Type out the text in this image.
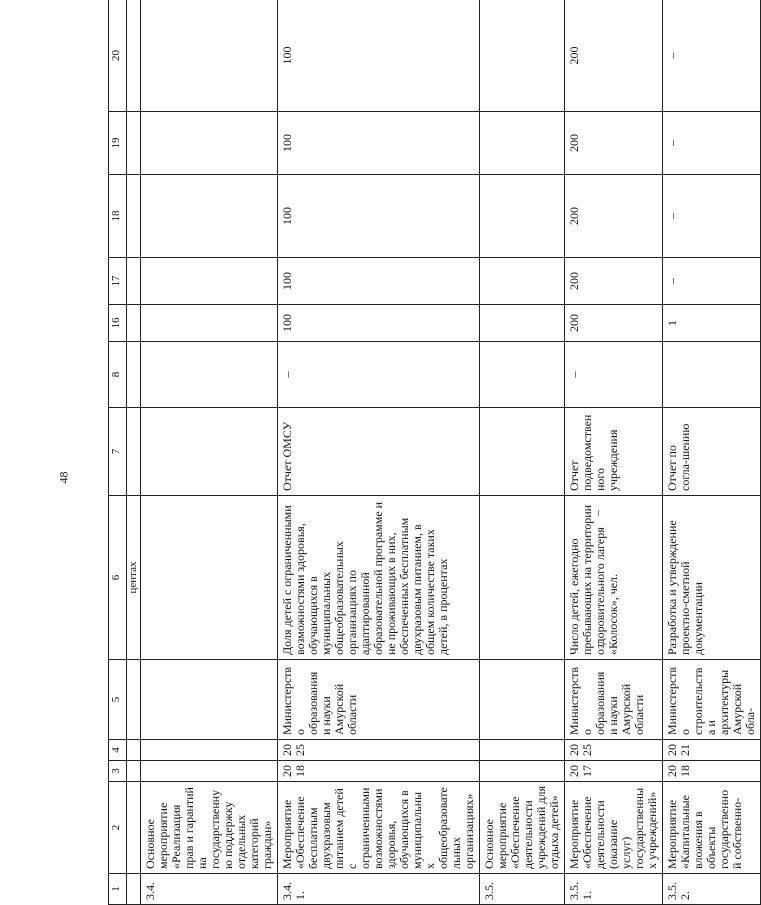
48
1	2	3	4	5	6	7	8	16	17	18	19	20
					центах							
3.4.	Основное мероприятие «Реализация прав и гарантий на государственную поддержку отдельных категорий граждан»											
3.4.1.	Мероприятие «Обеспечение бесплатным двухразовым питанием детей с ограниченными возможностями здоровья, обучающихся в муниципальных общеобразовательных организациях»	2018	2025	Министерство образования и науки Амурской области	Доля детей с ограниченными возможностями здоровья, обучающихся в муниципальных общеобразовательных организациях по адаптированной образовательной программе и не проживающих в них, обеспеченных бесплатным двухразовым питанием, в общем количестве таких детей, в процентах	Отчет ОМСУ	–	100	100	100	100	100
3.5.	Основное мероприятие «Обеспечение деятельности учреждений для отдыха детей»											
3.5.1.	Мероприятие «Обеспечение деятельности (оказание услуг) государственных учреждений»	2017	2025	Министерство образования и науки Амурской области	Число детей, ежегодно пребывающих на территории оздоровительного лагеря «Колосок», чел.	Отчет подведомственного учреждения	–	200	200	200	200	200
3.5.2.	Мероприятие «Капитальные вложения в объекты государственной собственно-	2018	2021	Министерство строительства и архитектуры Амурской обла-	Разработка и утверждение проектно-сметной документации	Отчет по согла-шению		1	–	–	–	–
